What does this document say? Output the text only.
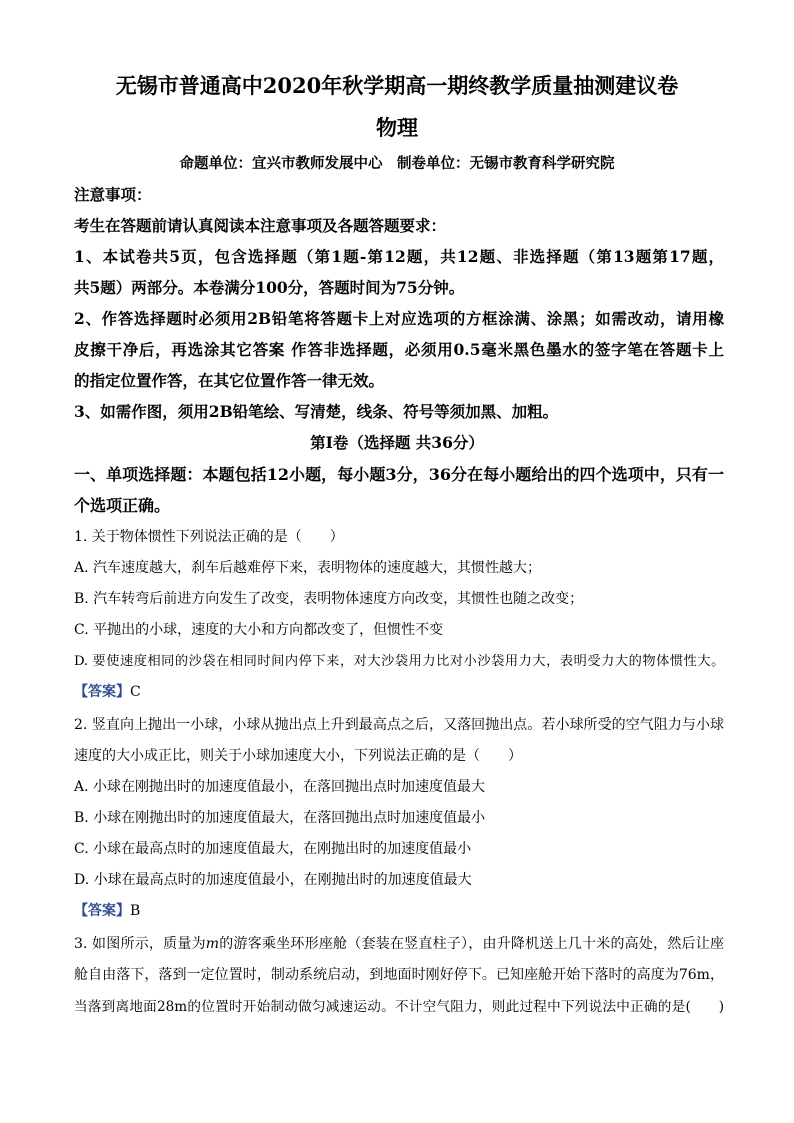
无锡市普通高中2020年秋学期高一期终教学质量抽测建议卷
物理
命题单位：宜兴市教师发展中心　制卷单位：无锡市教育科学研究院
注意事项：
考生在答题前请认真阅读本注意事项及各题答题要求：
1、本试卷共5页，包含选择题（第1题-第12题，共12题、非选择题（第13题第17题，
共5题）两部分。本卷满分100分，答题时间为75分钟。
2、作答选择题时必须用2B铅笔将答题卡上对应选项的方框涂满、涂黑；如需改动，请用橡
皮擦干净后，再选涂其它答案 作答非选择题，必须用0.5毫米黑色墨水的签字笔在答题卡上
的指定位置作答，在其它位置作答一律无效。
3、如需作图，须用2B铅笔绘、写清楚，线条、符号等须加黑、加粗。
第Ⅰ卷（选择题 共36分）
一、单项选择题：本题包括12小题，每小题3分，36分在每小题给出的四个选项中，只有一
个选项正确。
1. 关于物体惯性下列说法正确的是（　　）
A. 汽车速度越大，刹车后越难停下来，表明物体的速度越大，其惯性越大；
B. 汽车转弯后前进方向发生了改变，表明物体速度方向改变，其惯性也随之改变；
C. 平抛出的小球，速度的大小和方向都改变了，但惯性不变
D. 要使速度相同的沙袋在相同时间内停下来，对大沙袋用力比对小沙袋用力大，表明受力大的物体惯性大。
【答案】C
2. 竖直向上抛出一小球，小球从抛出点上升到最高点之后，又落回抛出点。若小球所受的空气阻力与小球
速度的大小成正比，则关于小球加速度大小，下列说法正确的是（　　）
A. 小球在刚抛出时的加速度值最小，在落回抛出点时加速度值最大
B. 小球在刚抛出时的加速度值最大，在落回抛出点时加速度值最小
C. 小球在最高点时的加速度值最大，在刚抛出时的加速度值最小
D. 小球在最高点时的加速度值最小，在刚抛出时的加速度值最大
【答案】B
3. 如图所示，质量为m的游客乘坐环形座舱（套装在竖直柱子），由升降机送上几十米的高处，然后让座
舱自由落下，落到一定位置时，制动系统启动，到地面时刚好停下。已知座舱开始下落时的高度为76m，
当落到离地面28m的位置时开始制动做匀减速运动。不计空气阻力，则此过程中下列说法中正确的是(　　)
